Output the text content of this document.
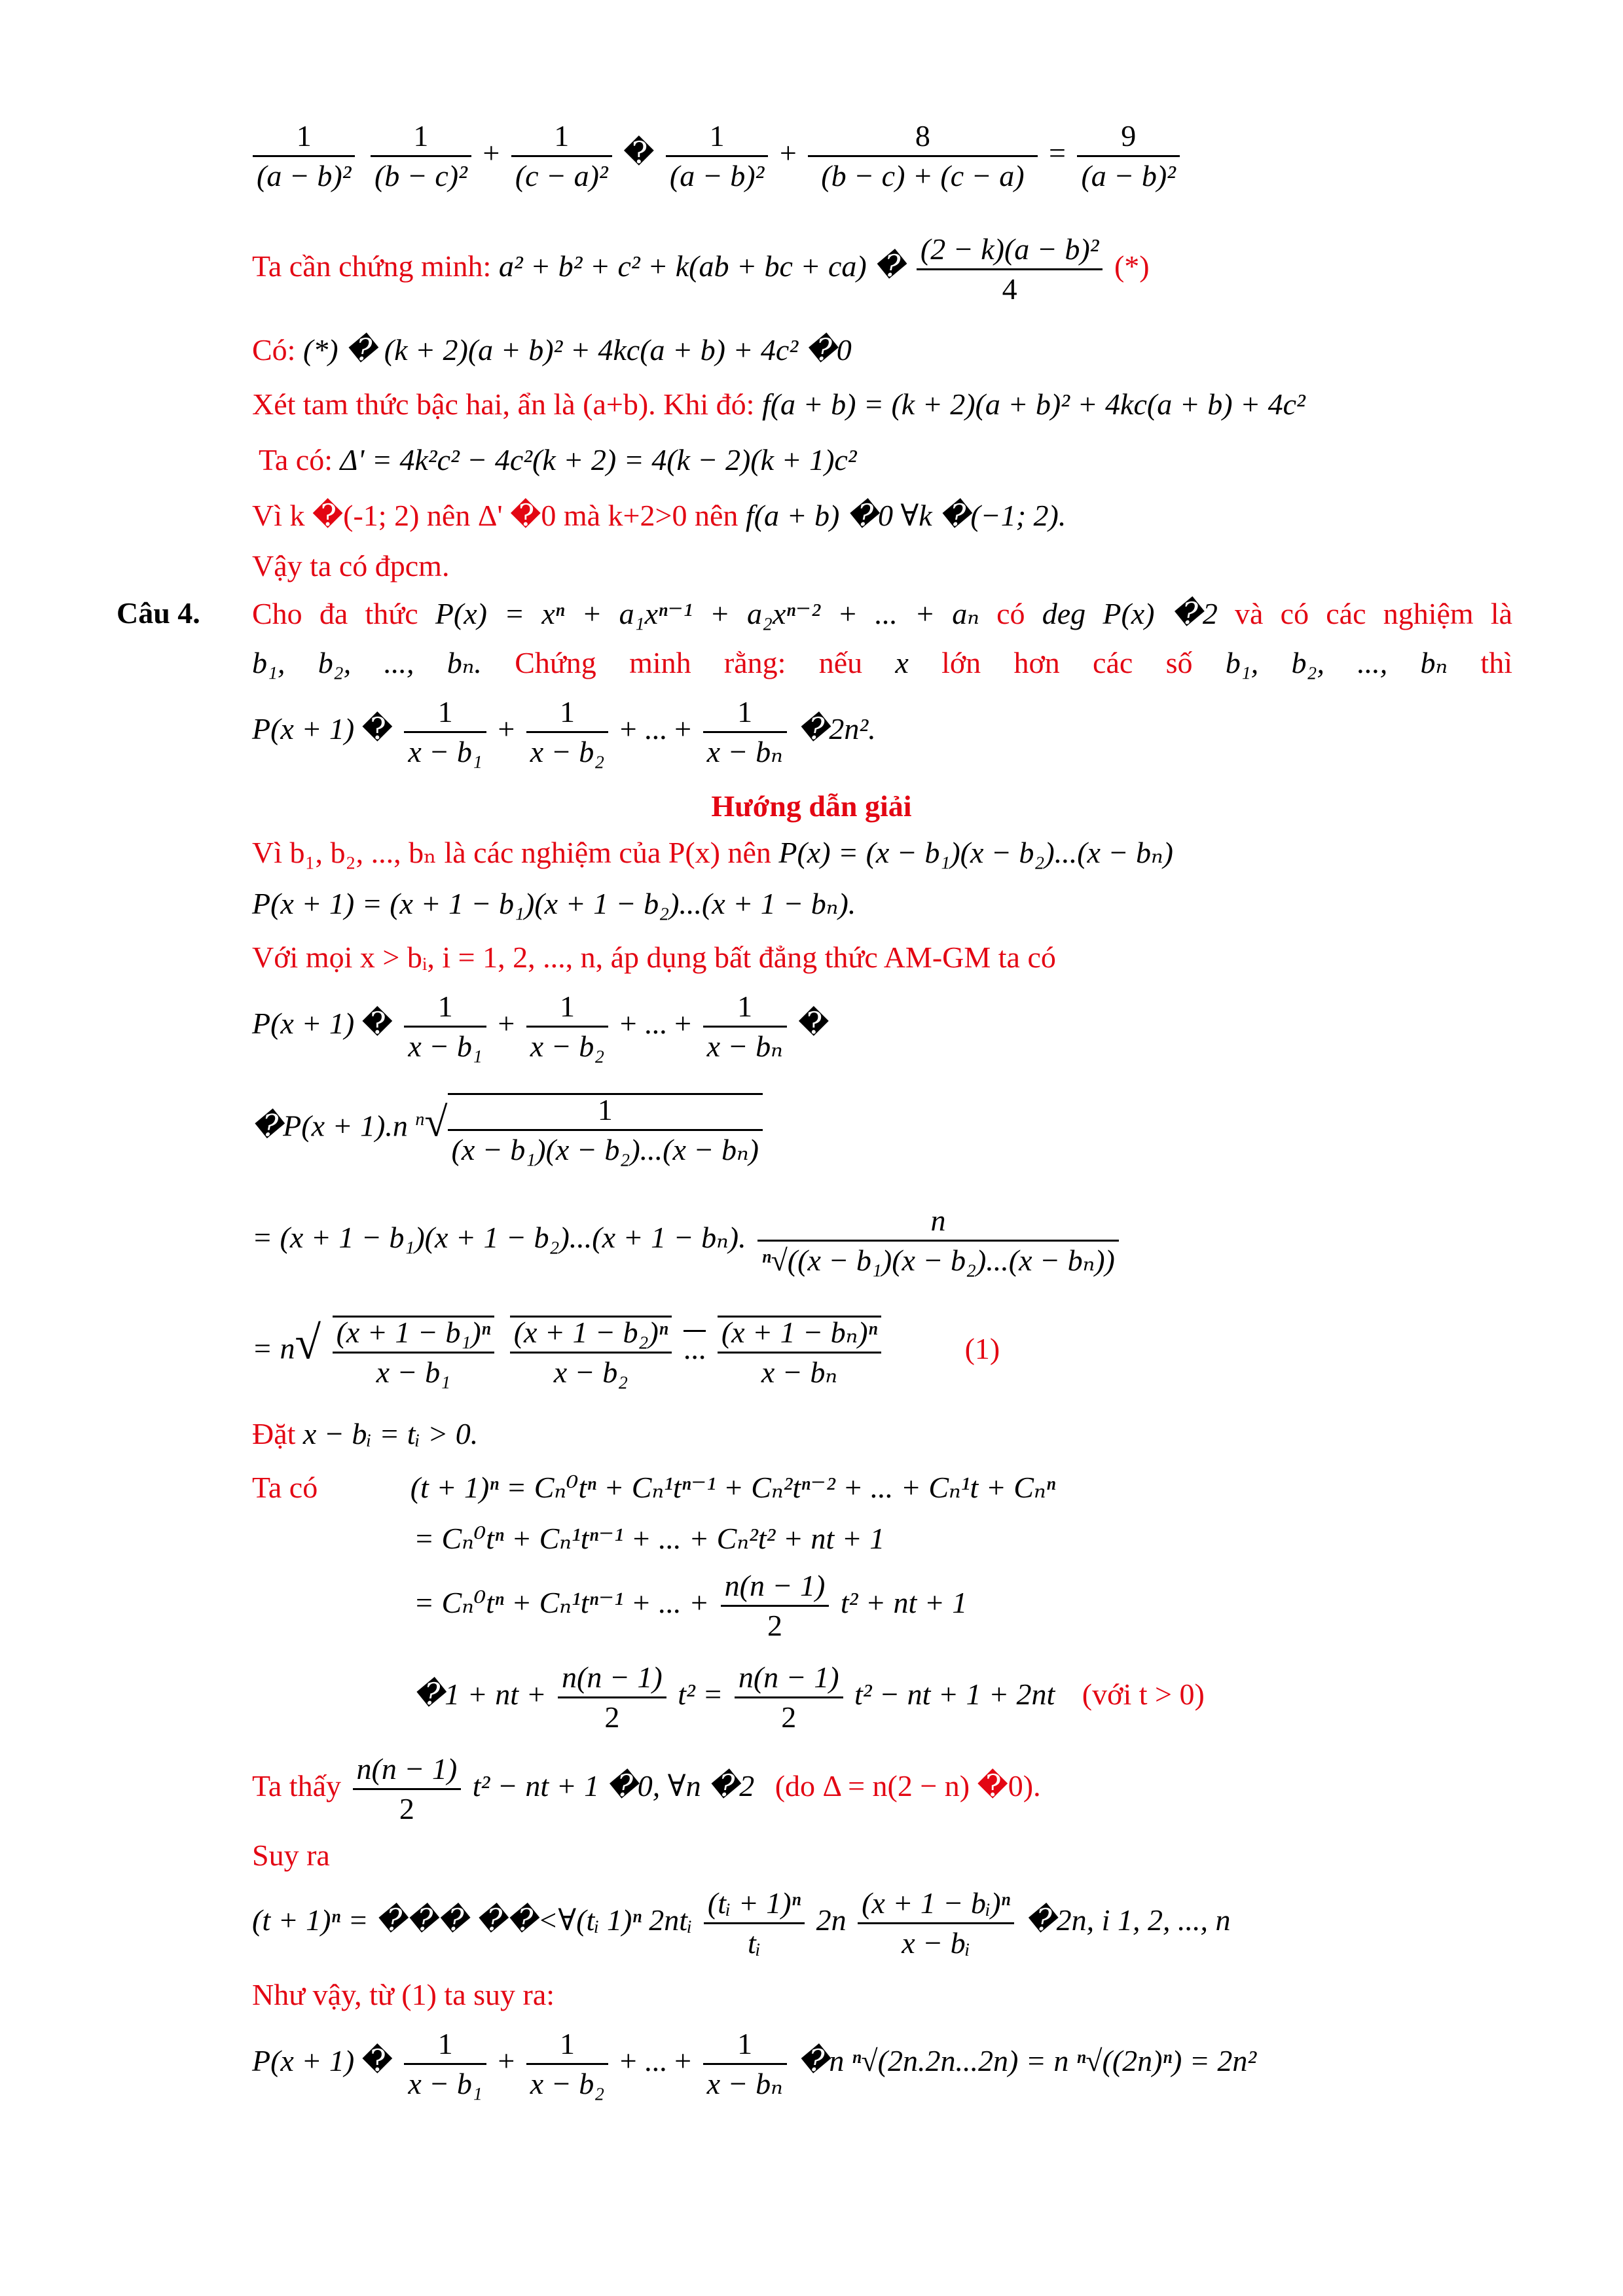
$\frac{1}{\text{(a − b)²}}$
$\frac{1}{\text{(b − c)²}} + \frac{1}{\text{(c − a)²}}$ � $\frac{1}{\text{(a − b)²}} + \frac{8}{(b - c) + (c - a)} = \frac{9}{\text{(a − b)²}}$
Ta cần chứng minh: a² + b² + c² + k(ab + bc + ca) � $\frac{\text{(2 − k)(a − b)²}}{4}$ (*)
Có: (*) � (k + 2)(a + b)² + 4kc(a + b) + 4c² �0
Xét tam thức bậc hai, ẩn là (a+b). Khi đó: f(a + b) = (k + 2)(a + b)² + 4kc(a + b) + 4c²
Ta có: Δ' = 4k²c² − 4c²(k + 2) = 4(k − 2)(k + 1)c²
Vì k �(-1; 2) nên Δ' �0 mà k+2>0 nên f(a + b) �0 ∀k �(−1; 2).
Vậy ta có đpcm.
Câu 4. Cho đa thức P(x) = xⁿ + a₁xⁿ⁻¹ + a₂xⁿ⁻² + ... + aₙ có deg P(x) �2 và có các nghiệm là
b₁, b₂, ..., bₙ. Chứng minh rằng: nếu x lớn hơn các số b₁, b₂, ..., bₙ thì
P(x + 1) � $\frac{1}{\text{x − b₁}} + \frac{1}{\text{x − b₂}}$ + ... + $\frac{1}{\text{x − bₙ}}$ �2n².
Hướng dẫn giải
Vì b₁, b₂, ..., bₙ là các nghiệm của P(x) nên P(x) = (x − b₁)(x − b₂)...(x − bₙ)
P(x + 1) = (x + 1 − b₁)(x + 1 − b₂)...(x + 1 − bₙ).
Với mọi x > bᵢ, i = 1, 2, ..., n, áp dụng bất đẳng thức AM-GM ta có
P(x + 1) � $\frac{1}{\text{x − b₁}} + \frac{1}{\text{x − b₂}}$ + ... + $\frac{1}{\text{x − bₙ}}$ �
�P(x + 1).n $^n√ \frac{1}{\text{(x − b₁)(x − b₂)...(x − bₙ)}}$
= (x + 1 − b₁)(x + 1 − b₂)...(x + 1 − bₙ). $\frac{n}{\text{ⁿ√((x − b₁)(x − b₂)...(x − bₙ))}}$
= $n√ \frac{\text{(x + 1 − b₁)ⁿ}}{\text{x − b₁}}$
$\frac{\text{(x + 1 − b₂)ⁿ}}{\text{x − b₂}}$ ... $\frac{\text{(x + 1 − bₙ)ⁿ}}{\text{x − bₙ}}$	(1)
Đặt x − bᵢ = tᵢ > 0.
Ta có	(t + 1)ⁿ = Cₙ⁰tⁿ + Cₙ¹tⁿ⁻¹ + Cₙ²tⁿ⁻² + ... + Cₙ¹t + Cₙⁿ
= Cₙ⁰tⁿ + Cₙ¹tⁿ⁻¹ + ... + Cₙ²t² + nt + 1
= Cₙ⁰tⁿ + Cₙ¹tⁿ⁻¹ + ... + $\frac{n(n - 1)}{2} t^2$ + nt + 1
�1 + nt + $\frac{n(n - 1)}{2} t^2 = \frac{n(n - 1)}{2} t^2$ − nt + 1 + 2nt (với t > 0)
Ta thấy $\frac{n(n - 1)}{2} t^2$ − nt + 1 �0, ∀n �2 (do Δ = n(2 − n) �0).
Suy ra
(t + 1)ⁿ = ��� ��<∀(tᵢ 1)ⁿ 2ntᵢ $\frac{\text{(tᵢ + 1)ⁿ}}{\text{tᵢ}} 2n \frac{\text{(x + 1 − bᵢ)ⁿ}}{\text{x − bᵢ}}$ �2n, i 1, 2, ..., n
Như vậy, từ (1) ta suy ra:
P(x + 1) � $\frac{1}{\text{x − b₁}} + \frac{1}{\text{x − b₂}}$ + ... + $\frac{1}{\text{x − bₙ}}$ �n ⁿ√(2n.2n...2n) = n ⁿ√((2n)ⁿ) = 2n²
